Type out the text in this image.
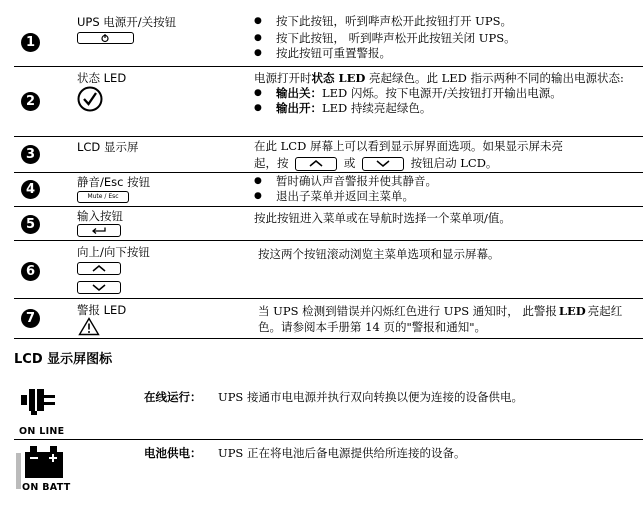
1
UPS 电源开/关按钮
●	按下此按钮，听到哔声松开此按钮打开 UPS。
● 按下此按钮， 听到哔声松开此按钮关闭 UPS。
● 按此按钮可重置警报。
2
状态 LED	电源打开时状态 LED 亮起绿色。此 LED 指示两种不同的输出电源状态:
● 输出关：LED 闪烁。按下电源开/关按钮打开输出电源。
● 输出开：LED 持续亮起绿色。
3	LCD 显示屏	在此 LCD 屏幕上可以看到显示屏界面选项。如果显示屏未亮
起，按	或	按钮启动 LCD。
4	静音/Esc 按钮
Mute / Esc
● 暂时确认声音警报并使其静音。
● 退出子菜单并返回主菜单。
5
输入按钮	按此按钮进入菜单或在导航时选择一个菜单项/值。
6
向上/向下按钮	按这两个按钮滚动浏览主菜单选项和显示屏幕。
7
警报 LED	当 UPS 检测到错误并闪烁红色进行 UPS 通知时， 此警报 LED 亮起红色。请参阅本手册第 14 页的"警报和通知"。
LCD 显示屏图标
ON LINE
在线运行： UPS 接通市电电源并执行双向转换以便为连接的设备供电。
ON BATT
电池供电： UPS 正在将电池后备电源提供给所连接的设备。
